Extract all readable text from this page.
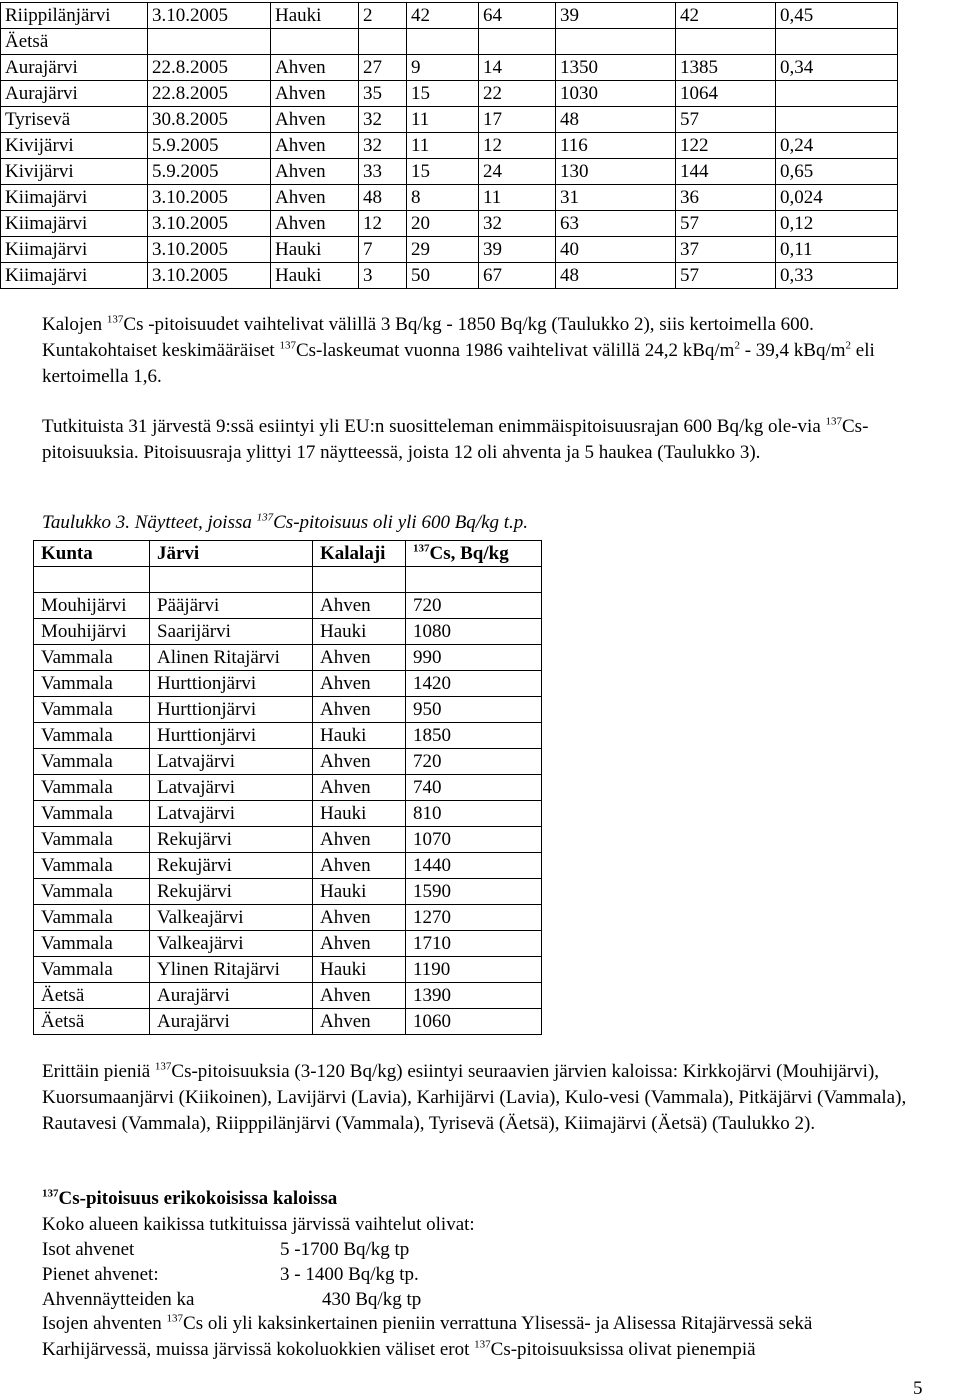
Riippilänjärvi	3.10.2005	Hauki	2	42	64	39	42	0,45
Äetsä								
Aurajärvi	22.8.2005	Ahven	27	9	14	1350	1385	0,34
Aurajärvi	22.8.2005	Ahven	35	15	22	1030	1064	
Tyrisevä	30.8.2005	Ahven	32	11	17	48	57	
Kivijärvi	5.9.2005	Ahven	32	11	12	116	122	0,24
Kivijärvi	5.9.2005	Ahven	33	15	24	130	144	0,65
Kiimajärvi	3.10.2005	Ahven	48	8	11	31	36	0,024
Kiimajärvi	3.10.2005	Ahven	12	20	32	63	57	0,12
Kiimajärvi	3.10.2005	Hauki	7	29	39	40	37	0,11
Kiimajärvi	3.10.2005	Hauki	3	50	67	48	57	0,33

Kalojen $^{137}$Cs -pitoisuudet vaihtelivat välillä 3 Bq/kg - 1850 Bq/kg (Taulukko 2), siis kertoimella 600. Kuntakohtaiset keskimääräiset $^{137}$Cs-laskeumat vuonna 1986 vaihtelivat välillä 24,2 kBq/$m^2 - 39,4$ kBq/$m^2$ eli kertoimella 1,6.

Tutkituista 31 järvestä 9:ssä esiintyi yli EU:n suositteleman enimmäispitoisuusrajan 600 Bq/kg ole-via $^{137}$Cs-pitoisuuksia. Pitoisuusraja ylittyi 17 näytteessä, joista 12 oli ahventa ja 5 haukea (Taulukko 3).

Taulukko 3. Näytteet, joissa $^{137}$Cs-pitoisuus oli yli 600 Bq/kg t.p.

Kunta	Järvi	Kalalaji	$^{137}$Cs, Bq/kg

Mouhijärvi	Pääjärvi	Ahven	720
Mouhijärvi	Saarijärvi	Hauki	1080
Vammala	Alinen Ritajärvi	Ahven	990
Vammala	Hurttionjärvi	Ahven	1420
Vammala	Hurttionjärvi	Ahven	950
Vammala	Hurttionjärvi	Hauki	1850
Vammala	Latvajärvi	Ahven	720
Vammala	Latvajärvi	Ahven	740
Vammala	Latvajärvi	Hauki	810
Vammala	Rekujärvi	Ahven	1070
Vammala	Rekujärvi	Ahven	1440
Vammala	Rekujärvi	Hauki	1590
Vammala	Valkeajärvi	Ahven	1270
Vammala	Valkeajärvi	Ahven	1710
Vammala	Ylinen Ritajärvi	Hauki	1190
Äetsä	Aurajärvi	Ahven	1390
Äetsä	Aurajärvi	Ahven	1060

Erittäin pieniä $^{137}$Cs-pitoisuuksia (3-120 Bq/kg) esiintyi seuraavien järvien kaloissa: Kirkkojärvi (Mouhijärvi), Kuorsumaanjärvi (Kiikoinen), Lavijärvi (Lavia), Karhijärvi (Lavia), Kulo-vesi (Vammala), Pitkäjärvi (Vammala), Rautavesi (Vammala), Riipppilänjärvi (Vammala), Tyrisevä (Äetsä), Kiimajärvi (Äetsä) (Taulukko 2).

$^{137}$Cs-pitoisuus erikokoisissa kaloissa

Koko alueen kaikissa tutkituissa järvissä vaihtelut olivat:

Isot ahvenet	5 -1700 Bq/kg tp

Pienet ahvenet:	3 - 1400 Bq/kg tp.

Ahvennäytteiden ka	430 Bq/kg tp

Isojen ahventen $^{137}$Cs oli yli kaksinkertainen pieniin verrattuna Ylisessä- ja Alisessa Ritajärvessä sekä Karhijärvessä, muissa järvissä kokoluokkien väliset erot $^{137}$Cs-pitoisuuksissa olivat pienempiä

5
